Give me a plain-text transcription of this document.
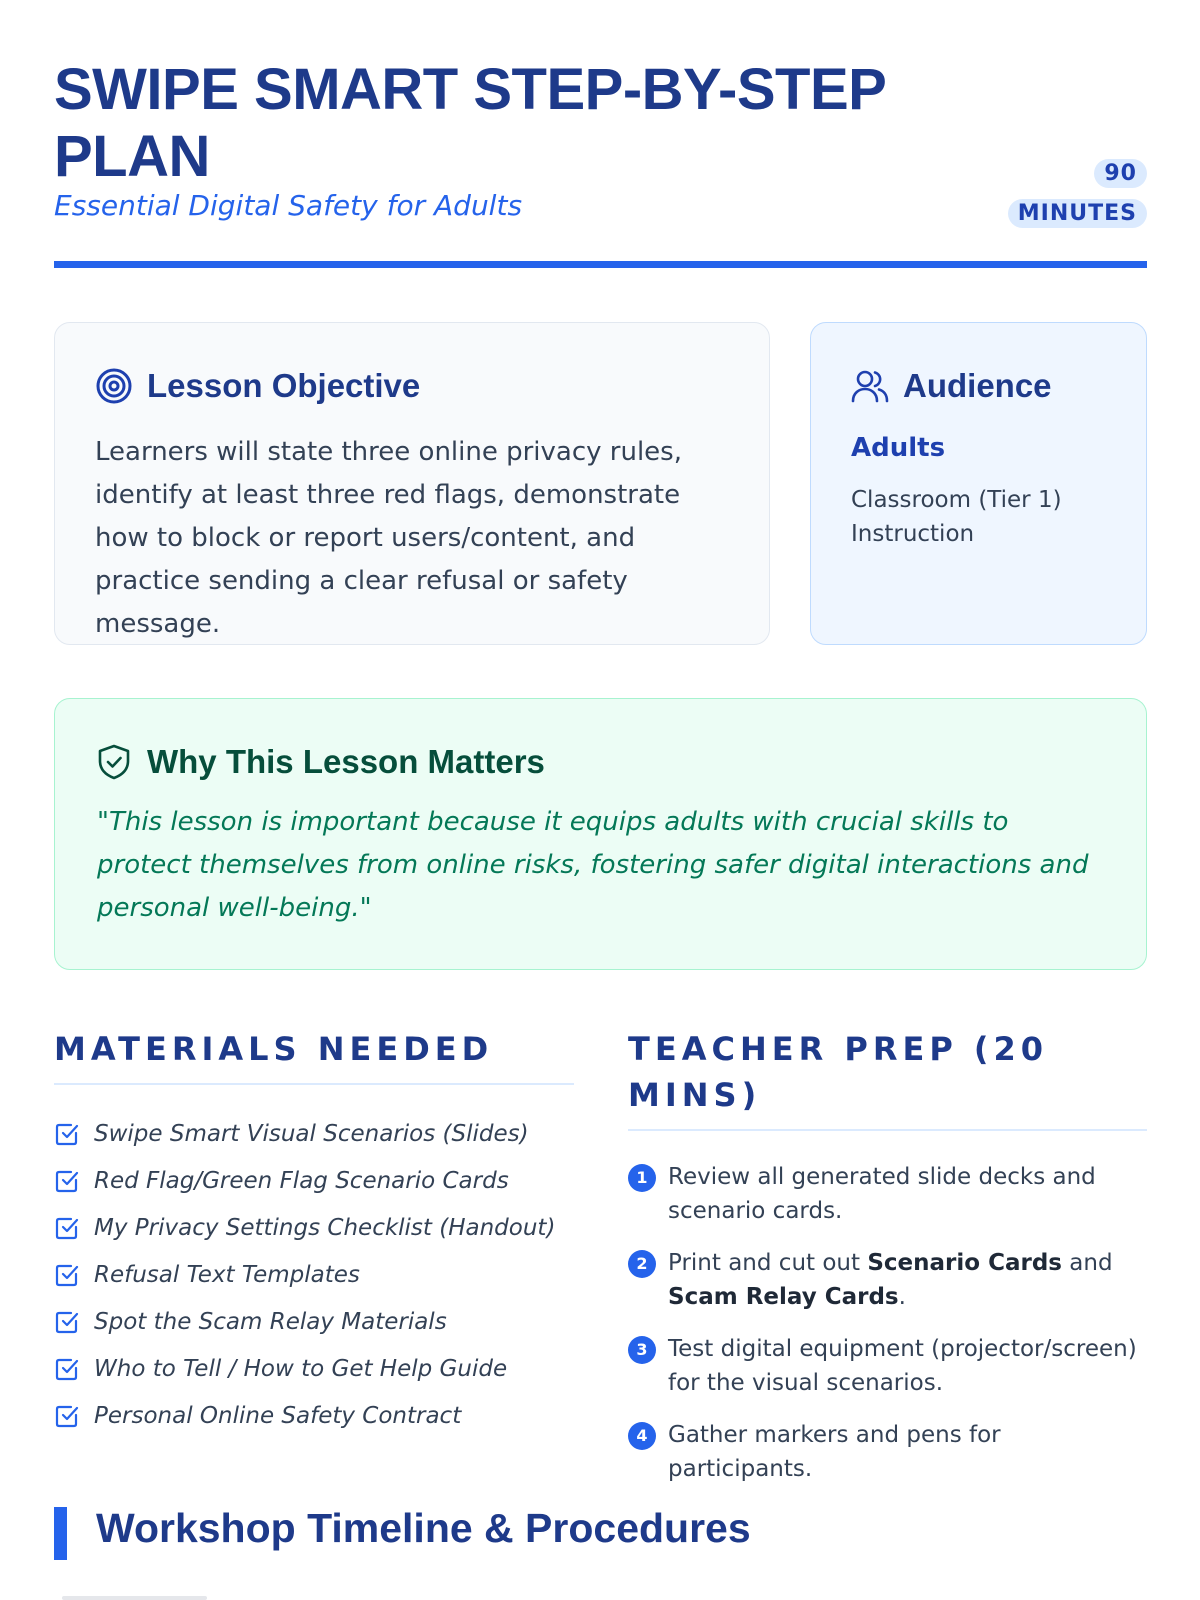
SWIPE SMART STEP-BY-STEP PLAN
Essential Digital Safety for Adults
90
MINUTES
Lesson Objective

Learners will state three online privacy rules, identify at least three red flags, demonstrate how to block or report users/content, and practice sending a clear refusal or safety message.

Audience
Adults
Classroom (Tier 1) Instruction
Why This Lesson Matters

"This lesson is important because it equips adults with crucial skills to protect themselves from online risks, fostering safer digital interactions and personal well-being."

MATERIALS NEEDED
Swipe Smart Visual Scenarios (Slides)
Red Flag/Green Flag Scenario Cards
My Privacy Settings Checklist (Handout)
Refusal Text Templates
Spot the Scam Relay Materials
Who to Tell / How to Get Help Guide
Personal Online Safety Contract
TEACHER PREP (20 MINS)
1 Review all generated slide decks and scenario cards.
2 Print and cut out Scenario Cards and Scam Relay Cards.
3 Test digital equipment (projector/screen) for the visual scenarios.
4 Gather markers and pens for participants.
Workshop Timeline & Procedures
